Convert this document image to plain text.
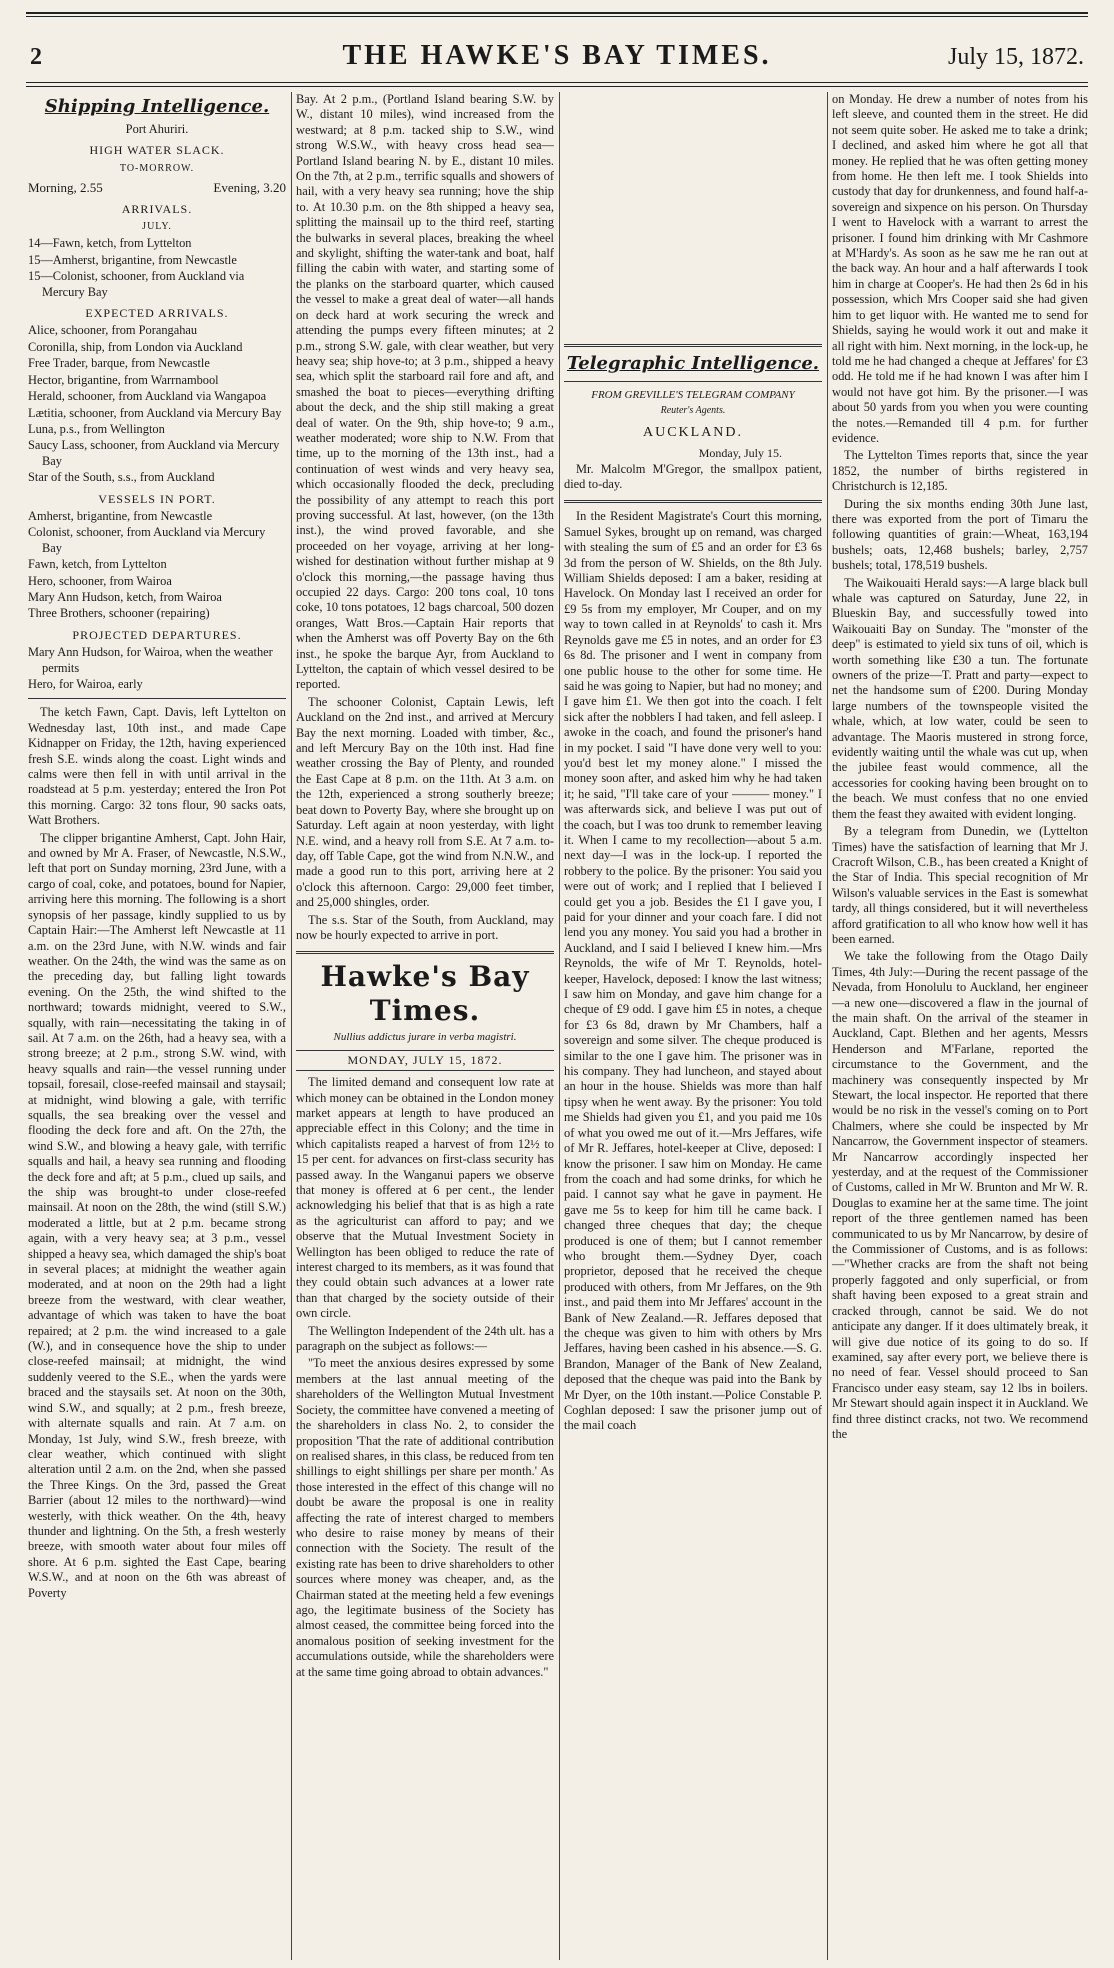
2	THE HAWKE'S BAY TIMES.	July 15, 1872.
Shipping Intelligence.

Port Ahuriri.

HIGH WATER SLACK.

TO-MORROW.

Morning, 2.55	Evening, 3.20

ARRIVALS.

JULY.

14—Fawn, ketch, from Lyttelton
15—Amherst, brigantine, from Newcastle
15—Colonist, schooner, from Auckland via Mercury Bay

EXPECTED ARRIVALS.

Alice, schooner, from Porangahau
Coronilla, ship, from London via Auckland
Free Trader, barque, from Newcastle
Hector, brigantine, from Warrnambool
Herald, schooner, from Auckland via Wangapoa
Lætitia, schooner, from Auckland via Mercury Bay
Luna, p.s., from Wellington
Saucy Lass, schooner, from Auckland via Mercury Bay
Star of the South, s.s., from Auckland

VESSELS IN PORT.

Amherst, brigantine, from Newcastle
Colonist, schooner, from Auckland via Mercury Bay
Fawn, ketch, from Lyttelton
Hero, schooner, from Wairoa
Mary Ann Hudson, ketch, from Wairoa
Three Brothers, schooner (repairing)

PROJECTED DEPARTURES.

Mary Ann Hudson, for Wairoa, when the weather permits
Hero, for Wairoa, early

The ketch Fawn, Capt. Davis, left Lyttelton on Wednesday last, 10th inst., and made Cape Kidnapper on Friday, the 12th, having experienced fresh S.E. winds along the coast. Light winds and calms were then fell in with until arrival in the roadstead at 5 p.m. yesterday; entered the Iron Pot this morning. Cargo: 32 tons flour, 90 sacks oats, Watt Brothers.

The clipper brigantine Amherst, Capt. John Hair, and owned by Mr A. Fraser, of Newcastle, N.S.W., left that port on Sunday morning, 23rd June, with a cargo of coal, coke, and potatoes, bound for Napier, arriving here this morning. The following is a short synopsis of her passage, kindly supplied to us by Captain Hair:—The Amherst left Newcastle at 11 a.m. on the 23rd June, with N.W. winds and fair weather. On the 24th, the wind was the same as on the preceding day, but falling light towards evening. On the 25th, the wind shifted to the northward; towards midnight, veered to S.W., squally, with rain—necessitating the taking in of sail. At 7 a.m. on the 26th, had a heavy sea, with a strong breeze; at 2 p.m., strong S.W. wind, with heavy squalls and rain—the vessel running under topsail, foresail, close-reefed mainsail and staysail; at midnight, wind blowing a gale, with terrific squalls, the sea breaking over the vessel and flooding the deck fore and aft. On the 27th, the wind S.W., and blowing a heavy gale, with terrific squalls and hail, a heavy sea running and flooding the deck fore and aft; at 5 p.m., clued up sails, and the ship was brought-to under close-reefed mainsail. At noon on the 28th, the wind (still S.W.) moderated a little, but at 2 p.m. became strong again, with a very heavy sea; at 3 p.m., vessel shipped a heavy sea, which damaged the ship's boat in several places; at midnight the weather again moderated, and at noon on the 29th had a light breeze from the westward, with clear weather, advantage of which was taken to have the boat repaired; at 2 p.m. the wind increased to a gale (W.), and in consequence hove the ship to under close-reefed mainsail; at midnight, the wind suddenly veered to the S.E., when the yards were braced and the staysails set. At noon on the 30th, wind S.W., and squally; at 2 p.m., fresh breeze, with alternate squalls and rain. At 7 a.m. on Monday, 1st July, wind S.W., fresh breeze, with clear weather, which continued with slight alteration until 2 a.m. on the 2nd, when she passed the Three Kings. On the 3rd, passed the Great Barrier (about 12 miles to the northward)—wind westerly, with thick weather. On the 4th, heavy thunder and lightning. On the 5th, a fresh westerly breeze, with smooth water about four miles off shore. At 6 p.m. sighted the East Cape, bearing W.S.W., and at noon on the 6th was abreast of Poverty

Bay. At 2 p.m., (Portland Island bearing S.W. by W., distant 10 miles), wind increased from the westward; at 8 p.m. tacked ship to S.W., wind strong W.S.W., with heavy cross head sea—Portland Island bearing N. by E., distant 10 miles. On the 7th, at 2 p.m., terrific squalls and showers of hail, with a very heavy sea running; hove the ship to. At 10.30 p.m. on the 8th shipped a heavy sea, splitting the mainsail up to the third reef, starting the bulwarks in several places, breaking the wheel and skylight, shifting the water-tank and boat, half filling the cabin with water, and starting some of the planks on the starboard quarter, which caused the vessel to make a great deal of water—all hands on deck hard at work securing the wreck and attending the pumps every fifteen minutes; at 2 p.m., strong S.W. gale, with clear weather, but very heavy sea; ship hove-to; at 3 p.m., shipped a heavy sea, which split the starboard rail fore and aft, and smashed the boat to pieces—everything drifting about the deck, and the ship still making a great deal of water. On the 9th, ship hove-to; 9 a.m., weather moderated; wore ship to N.W. From that time, up to the morning of the 13th inst., had a continuation of west winds and very heavy sea, which occasionally flooded the deck, precluding the possibility of any attempt to reach this port proving successful. At last, however, (on the 13th inst.), the wind proved favorable, and she proceeded on her voyage, arriving at her long-wished for destination without further mishap at 9 o'clock this morning,—the passage having thus occupied 22 days. Cargo: 200 tons coal, 10 tons coke, 10 tons potatoes, 12 bags charcoal, 500 dozen oranges, Watt Bros.—Captain Hair reports that when the Amherst was off Poverty Bay on the 6th inst., he spoke the barque Ayr, from Auckland to Lyttelton, the captain of which vessel desired to be reported.

The schooner Colonist, Captain Lewis, left Auckland on the 2nd inst., and arrived at Mercury Bay the next morning. Loaded with timber, &c., and left Mercury Bay on the 10th inst. Had fine weather crossing the Bay of Plenty, and rounded the East Cape at 8 p.m. on the 11th. At 3 a.m. on the 12th, experienced a strong southerly breeze; beat down to Poverty Bay, where she brought up on Saturday. Left again at noon yesterday, with light N.E. wind, and a heavy roll from S.E. At 7 a.m. to-day, off Table Cape, got the wind from N.N.W., and made a good run to this port, arriving here at 2 o'clock this afternoon. Cargo: 29,000 feet timber, and 25,000 shingles, order.

The s.s. Star of the South, from Auckland, may now be hourly expected to arrive in port.

Hawke's Bay Times.
Nullius addictus jurare in verba magistri.
MONDAY, JULY 15, 1872.

The limited demand and consequent low rate at which money can be obtained in the London money market appears at length to have produced an appreciable effect in this Colony; and the time in which capitalists reaped a harvest of from 12½ to 15 per cent. for advances on first-class security has passed away. In the Wanganui papers we observe that money is offered at 6 per cent., the lender acknowledging his belief that that is as high a rate as the agriculturist can afford to pay; and we observe that the Mutual Investment Society in Wellington has been obliged to reduce the rate of interest charged to its members, as it was found that they could obtain such advances at a lower rate than that charged by the society outside of their own circle.

The Wellington Independent of the 24th ult. has a paragraph on the subject as follows:—

"To meet the anxious desires expressed by some members at the last annual meeting of the shareholders of the Wellington Mutual Investment Society, the committee have convened a meeting of the shareholders in class No. 2, to consider the proposition 'That the rate of additional contribution on realised shares, in this class, be reduced from ten shillings to eight shillings per share per month.' As those interested in the effect of this change will no doubt be aware the proposal is one in reality affecting the rate of interest charged to members who desire to raise money by means of their connection with the Society. The result of the existing rate has been to drive shareholders to other sources where money was cheaper, and, as the Chairman stated at the meeting held a few evenings ago, the legitimate business of the Society has almost ceased, the committee being forced into the anomalous position of seeking investment for the accumulations outside, while the shareholders were at the same time going abroad to obtain advances."

Telegraphic Intelligence.
FROM GREVILLE'S TELEGRAM COMPANY
Reuter's Agents.
AUCKLAND.
Monday, July 15.

Mr. Malcolm M'Gregor, the smallpox patient, died to-day.

In the Resident Magistrate's Court this morning, Samuel Sykes, brought up on remand, was charged with stealing the sum of £5 and an order for £3 6s 3d from the person of W. Shields, on the 8th July. William Shields deposed: I am a baker, residing at Havelock. On Monday last I received an order for £9 5s from my employer, Mr Couper, and on my way to town called in at Reynolds' to cash it. Mrs Reynolds gave me £5 in notes, and an order for £3 6s 8d. The prisoner and I went in company from one public house to the other for some time. He said he was going to Napier, but had no money; and I gave him £1. We then got into the coach. I felt sick after the nobblers I had taken, and fell asleep. I awoke in the coach, and found the prisoner's hand in my pocket. I said "I have done very well to you: you'd best let my money alone." I missed the money soon after, and asked him why he had taken it; he said, "I'll take care of your ——— money." I was afterwards sick, and believe I was put out of the coach, but I was too drunk to remember leaving it. When I came to my recollection—about 5 a.m. next day—I was in the lock-up. I reported the robbery to the police. By the prisoner: You said you were out of work; and I replied that I believed I could get you a job. Besides the £1 I gave you, I paid for your dinner and your coach fare. I did not lend you any money. You said you had a brother in Auckland, and I said I believed I knew him.—Mrs Reynolds, the wife of Mr T. Reynolds, hotel-keeper, Havelock, deposed: I know the last witness; I saw him on Monday, and gave him change for a cheque of £9 odd. I gave him £5 in notes, a cheque for £3 6s 8d, drawn by Mr Chambers, half a sovereign and some silver. The cheque produced is similar to the one I gave him. The prisoner was in his company. They had luncheon, and stayed about an hour in the house. Shields was more than half tipsy when he went away. By the prisoner: You told me Shields had given you £1, and you paid me 10s of what you owed me out of it.—Mrs Jeffares, wife of Mr R. Jeffares, hotel-keeper at Clive, deposed: I know the prisoner. I saw him on Monday. He came from the coach and had some drinks, for which he paid. I cannot say what he gave in payment. He gave me 5s to keep for him till he came back. I changed three cheques that day; the cheque produced is one of them; but I cannot remember who brought them.—Sydney Dyer, coach proprietor, deposed that he received the cheque produced with others, from Mr Jeffares, on the 9th inst., and paid them into Mr Jeffares' account in the Bank of New Zealand.—R. Jeffares deposed that the cheque was given to him with others by Mrs Jeffares, having been cashed in his absence.—S. G. Brandon, Manager of the Bank of New Zealand, deposed that the cheque was paid into the Bank by Mr Dyer, on the 10th instant.—Police Constable P. Coghlan deposed: I saw the prisoner jump out of the mail coach

on Monday. He drew a number of notes from his left sleeve, and counted them in the street. He did not seem quite sober. He asked me to take a drink; I declined, and asked him where he got all that money. He replied that he was often getting money from home. He then left me. I took Shields into custody that day for drunkenness, and found half-a-sovereign and sixpence on his person. On Thursday I went to Havelock with a warrant to arrest the prisoner. I found him drinking with Mr Cashmore at M'Hardy's. As soon as he saw me he ran out at the back way. An hour and a half afterwards I took him in charge at Cooper's. He had then 2s 6d in his possession, which Mrs Cooper said she had given him to get liquor with. He wanted me to send for Shields, saying he would work it out and make it all right with him. Next morning, in the lock-up, he told me he had changed a cheque at Jeffares' for £3 odd. He told me if he had known I was after him I would not have got him. By the prisoner.—I was about 50 yards from you when you were counting the notes.—Remanded till 4 p.m. for further evidence.

The Lyttelton Times reports that, since the year 1852, the number of births registered in Christchurch is 12,185.

During the six months ending 30th June last, there was exported from the port of Timaru the following quantities of grain:—Wheat, 163,194 bushels; oats, 12,468 bushels; barley, 2,757 bushels; total, 178,519 bushels.

The Waikouaiti Herald says:—A large black bull whale was captured on Saturday, June 22, in Blueskin Bay, and successfully towed into Waikouaiti Bay on Sunday. The "monster of the deep" is estimated to yield six tuns of oil, which is worth something like £30 a tun. The fortunate owners of the prize—T. Pratt and party—expect to net the handsome sum of £200. During Monday large numbers of the townspeople visited the whale, which, at low water, could be seen to advantage. The Maoris mustered in strong force, evidently waiting until the whale was cut up, when the jubilee feast would commence, all the accessories for cooking having been brought on to the beach. We must confess that no one envied them the feast they awaited with evident longing.

By a telegram from Dunedin, we (Lyttelton Times) have the satisfaction of learning that Mr J. Cracroft Wilson, C.B., has been created a Knight of the Star of India. This special recognition of Mr Wilson's valuable services in the East is somewhat tardy, all things considered, but it will nevertheless afford gratification to all who know how well it has been earned.

We take the following from the Otago Daily Times, 4th July:—During the recent passage of the Nevada, from Honolulu to Auckland, her engineer—a new one—discovered a flaw in the journal of the main shaft. On the arrival of the steamer in Auckland, Capt. Blethen and her agents, Messrs Henderson and M'Farlane, reported the circumstance to the Government, and the machinery was consequently inspected by Mr Stewart, the local inspector. He reported that there would be no risk in the vessel's coming on to Port Chalmers, where she could be inspected by Mr Nancarrow, the Government inspector of steamers. Mr Nancarrow accordingly inspected her yesterday, and at the request of the Commissioner of Customs, called in Mr W. Brunton and Mr W. R. Douglas to examine her at the same time. The joint report of the three gentlemen named has been communicated to us by Mr Nancarrow, by desire of the Commissioner of Customs, and is as follows:—"Whether cracks are from the shaft not being properly faggoted and only superficial, or from shaft having been exposed to a great strain and cracked through, cannot be said. We do not anticipate any danger. If it does ultimately break, it will give due notice of its going to do so. If examined, say after every port, we believe there is no need of fear. Vessel should proceed to San Francisco under easy steam, say 12 lbs in boilers. Mr Stewart should again inspect it in Auckland. We find three distinct cracks, not two. We recommend the
